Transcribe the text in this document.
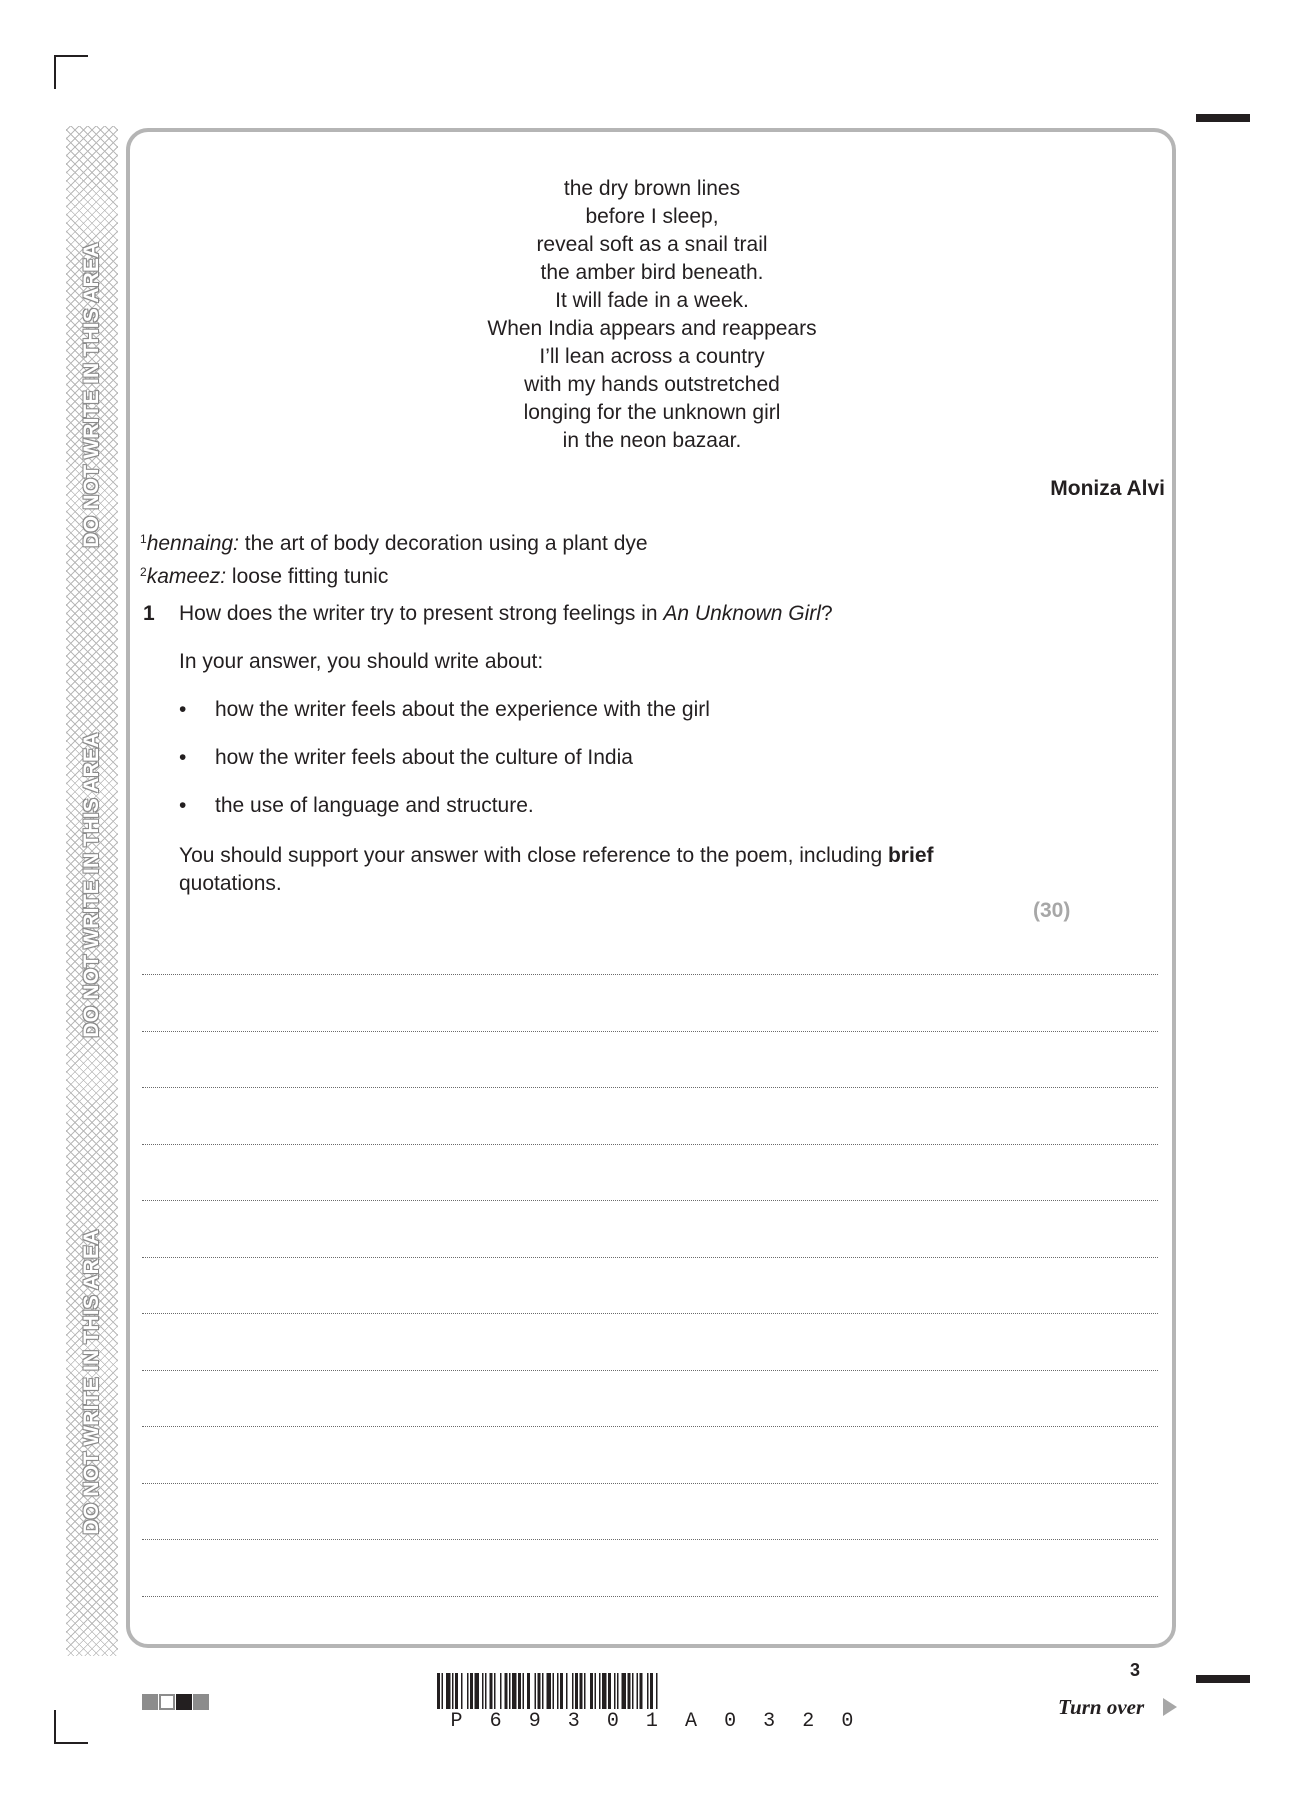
DO NOT WRITE IN THIS AREA
DO NOT WRITE IN THIS AREA
DO NOT WRITE IN THIS AREA
the dry brown lines
before I sleep,
reveal soft as a snail trail
the amber bird beneath.
It will fade in a week.
When India appears and reappears
I’ll lean across a country
with my hands outstretched
longing for the unknown girl
in the neon bazaar.
Moniza Alvi
$^1$hennaing: the art of body decoration using a plant dye
$^2$kameez: loose fitting tunic
1 How does the writer try to present strong feelings in An Unknown Girl?
In your answer, you should write about:
• how the writer feels about the experience with the girl
• how the writer feels about the culture of India
• the use of language and structure.
You should support your answer with close reference to the poem, including brief
quotations.
(30)
P 6 9 3 0 1 A 0 3 2 0
3
Turn over
